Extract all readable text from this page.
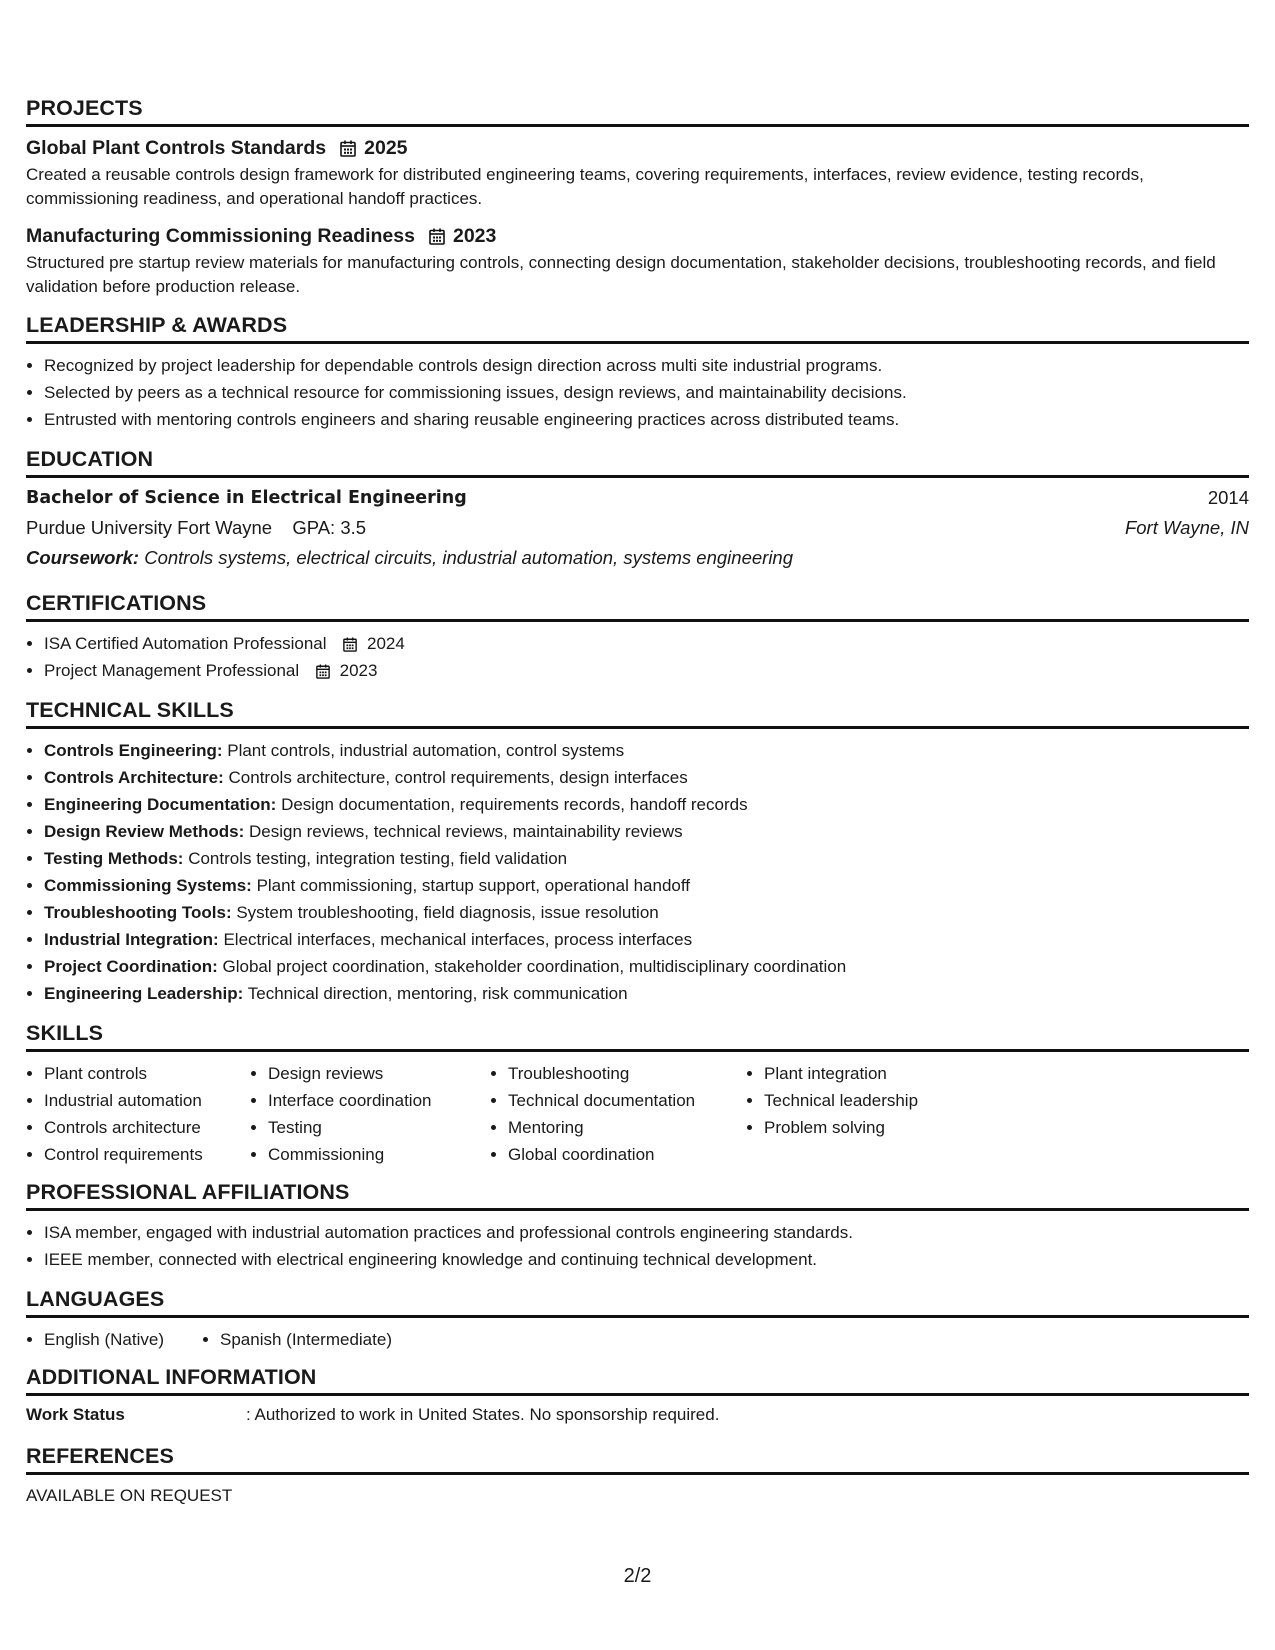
PROJECTS
Global Plant Controls Standards 2025
Created a reusable controls design framework for distributed engineering teams, covering requirements, interfaces, review evidence, testing records, commissioning readiness, and operational handoff practices.
Manufacturing Commissioning Readiness 2023
Structured pre startup review materials for manufacturing controls, connecting design documentation, stakeholder decisions, troubleshooting records, and field validation before production release.
LEADERSHIP & AWARDS
• Recognized by project leadership for dependable controls design direction across multi site industrial programs.
• Selected by peers as a technical resource for commissioning issues, design reviews, and maintainability decisions.
• Entrusted with mentoring controls engineers and sharing reusable engineering practices across distributed teams.
EDUCATION
Bachelor of Science in Electrical Engineering	2014
Purdue University Fort Wayne GPA: 3.5	Fort Wayne, IN
Coursework: Controls systems, electrical circuits, industrial automation, systems engineering
CERTIFICATIONS
• ISA Certified Automation Professional 2024
• Project Management Professional 2023
TECHNICAL SKILLS
• Controls Engineering: Plant controls, industrial automation, control systems
• Controls Architecture: Controls architecture, control requirements, design interfaces
• Engineering Documentation: Design documentation, requirements records, handoff records
• Design Review Methods: Design reviews, technical reviews, maintainability reviews
• Testing Methods: Controls testing, integration testing, field validation
• Commissioning Systems: Plant commissioning, startup support, operational handoff
• Troubleshooting Tools: System troubleshooting, field diagnosis, issue resolution
• Industrial Integration: Electrical interfaces, mechanical interfaces, process interfaces
• Project Coordination: Global project coordination, stakeholder coordination, multidisciplinary coordination
• Engineering Leadership: Technical direction, mentoring, risk communication
SKILLS
• Plant controls
• Industrial automation
• Controls architecture
• Control requirements
• Design reviews
• Interface coordination
• Testing
• Commissioning
• Troubleshooting
• Technical documentation
• Mentoring
• Global coordination
• Plant integration
• Technical leadership
• Problem solving
PROFESSIONAL AFFILIATIONS
• ISA member, engaged with industrial automation practices and professional controls engineering standards.
• IEEE member, connected with electrical engineering knowledge and continuing technical development.
LANGUAGES
• English (Native)
•	Spanish (Intermediate)
ADDITIONAL INFORMATION
Work Status	: Authorized to work in United States. No sponsorship required.
REFERENCES
AVAILABLE ON REQUEST
2/2
